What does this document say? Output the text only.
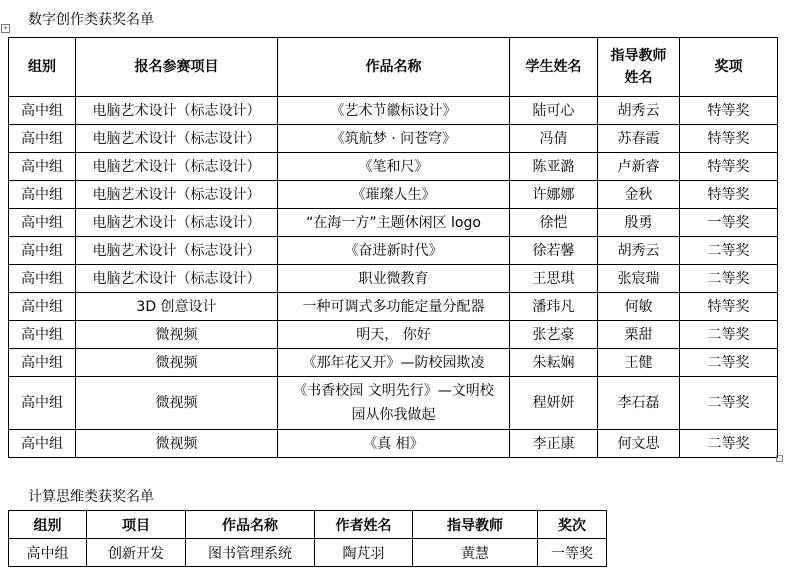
+ 数字创作类获奖名单
组别	报名参赛项目	作品名称	学生姓名	指导教师姓名	奖项
高中组	电脑艺术设计（标志设计）	《艺术节徽标设计》	陆可心	胡秀云	特等奖
高中组	电脑艺术设计（标志设计）	《筑航梦 · 问苍穹》	冯倩	苏春霞	特等奖
高中组	电脑艺术设计（标志设计）	《笔和尺》	陈亚潞	卢新睿	特等奖
高中组	电脑艺术设计（标志设计）	《璀璨人生》	许娜娜	金秋	特等奖
高中组	电脑艺术设计（标志设计）	“在海一方”主题休闲区 logo	徐恺	殷勇	一等奖
高中组	电脑艺术设计（标志设计）	《奋进新时代》	徐若馨	胡秀云	二等奖
高中组	电脑艺术设计（标志设计）	职业微教育	王思琪	张宸瑞	二等奖
高中组	3D 创意设计	一种可调式多功能定量分配器	潘玮凡	何敏	特等奖
高中组	微视频	明天， 你好	张艺豪	栗甜	二等奖
高中组	微视频	《那年花又开》—防校园欺凌	朱耘娴	王健	二等奖
高中组	微视频	《书香校园 文明先行》—文明校园从你我做起	程妍妍	李石磊	二等奖
高中组	微视频	《真 相》	李正康	何文思	二等奖
计算思维类获奖名单
组别	项目	作品名称	作者姓名	指导教师	奖次
高中组	创新开发	图书管理系统	陶芃羽	黄慧	一等奖
